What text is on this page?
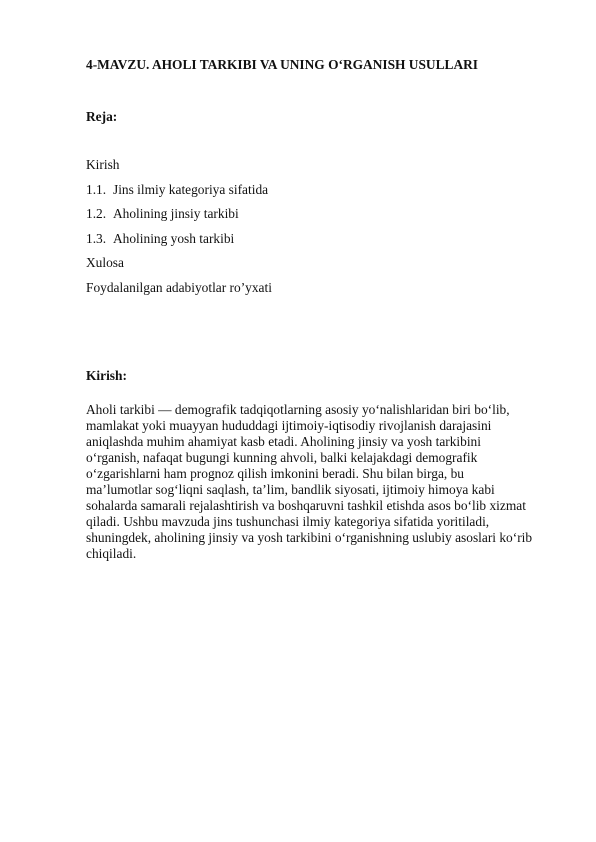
4-MAVZU. AHOLI TARKIBI VA UNING O‘RGANISH USULLARI
Reja:
Kirish
1.1. Jins ilmiy kategoriya sifatida
1.2. Aholining jinsiy tarkibi
1.3. Aholining yosh tarkibi
Xulosa
Foydalanilgan adabiyotlar ro’yxati
Kirish:

Aholi tarkibi — demografik tadqiqotlarning asosiy yo‘nalishlaridan biri bo‘lib,
mamlakat yoki muayyan hududdagi ijtimoiy-iqtisodiy rivojlanish darajasini
aniqlashda muhim ahamiyat kasb etadi. Aholining jinsiy va yosh tarkibini
o‘rganish, nafaqat bugungi kunning ahvoli, balki kelajakdagi demografik
o‘zgarishlarni ham prognoz qilish imkonini beradi. Shu bilan birga, bu
ma’lumotlar sog‘liqni saqlash, ta’lim, bandlik siyosati, ijtimoiy himoya kabi
sohalarda samarali rejalashtirish va boshqaruvni tashkil etishda asos bo‘lib xizmat
qiladi. Ushbu mavzuda jins tushunchasi ilmiy kategoriya sifatida yoritiladi,
shuningdek, aholining jinsiy va yosh tarkibini o‘rganishning uslubiy asoslari ko‘rib
chiqiladi.
